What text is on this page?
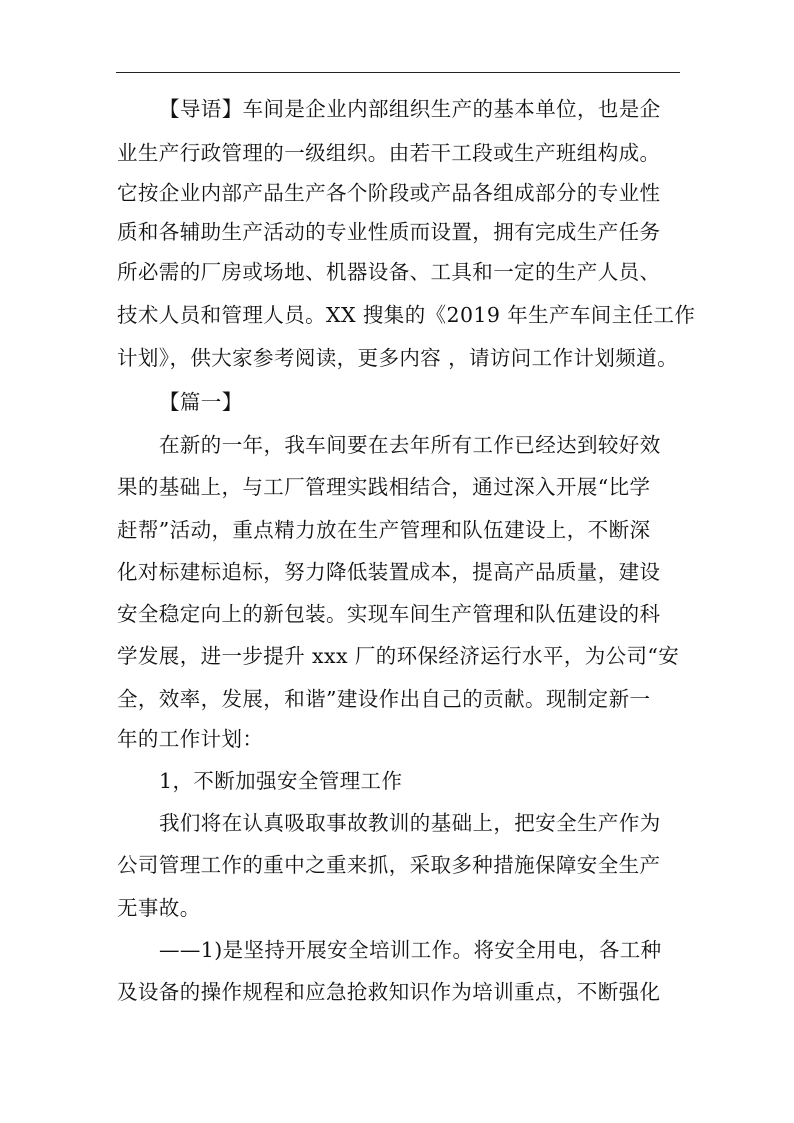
【导语】车间是企业内部组织生产的基本单位，也是企
业生产行政管理的一级组织。由若干工段或生产班组构成。
它按企业内部产品生产各个阶段或产品各组成部分的专业性
质和各辅助生产活动的专业性质而设置，拥有完成生产任务
所必需的厂房或场地、机器设备、工具和一定的生产人员、
技术人员和管理人员。XX 搜集的《2019 年生产车间主任工作
计划》，供大家参考阅读，更多内容 ，请访问工作计划频道。
【篇一】
在新的一年，我车间要在去年所有工作已经达到较好效
果的基础上，与工厂管理实践相结合，通过深入开展“比学
赶帮”活动，重点精力放在生产管理和队伍建设上，不断深
化对标建标追标，努力降低装置成本，提高产品质量，建设
安全稳定向上的新包装。实现车间生产管理和队伍建设的科
学发展，进一步提升 xxx 厂的环保经济运行水平，为公司“安
全，效率，发展，和谐”建设作出自己的贡献。现制定新一
年的工作计划：
1，不断加强安全管理工作
我们将在认真吸取事故教训的基础上，把安全生产作为
公司管理工作的重中之重来抓，采取多种措施保障安全生产
无事故。
——1)是坚持开展安全培训工作。将安全用电，各工种
及设备的操作规程和应急抢救知识作为培训重点，不断强化
